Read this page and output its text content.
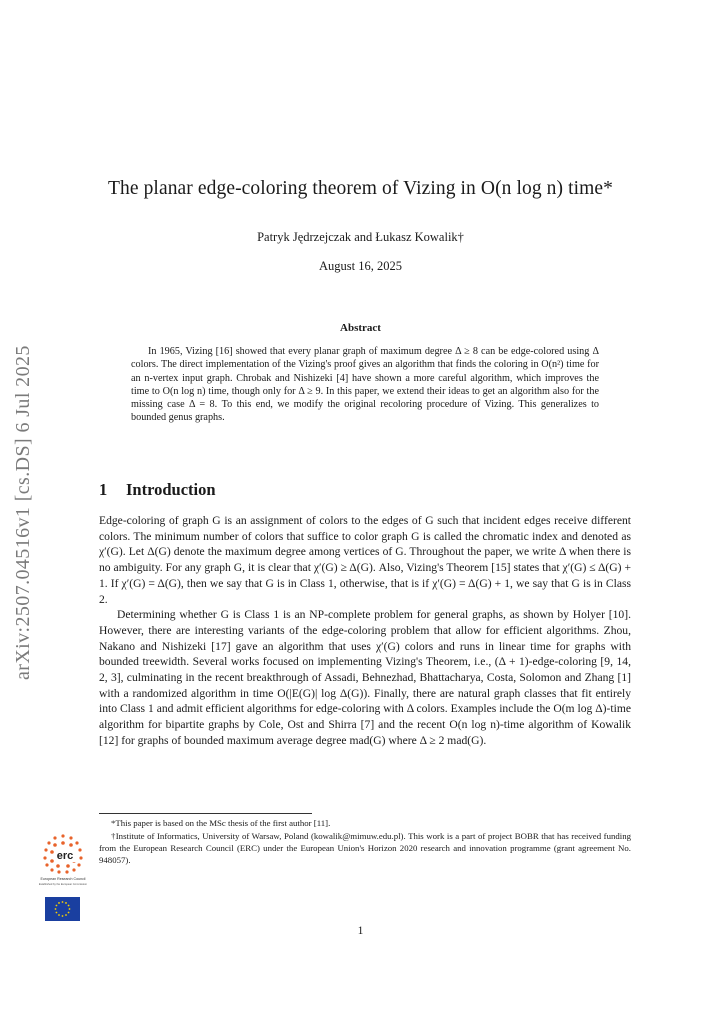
arXiv:2507.04516v1 [cs.DS] 6 Jul 2025
The planar edge-coloring theorem of Vizing in O(n log n) time*
Patryk Jędrzejczak and Łukasz Kowalik†
August 16, 2025
Abstract
In 1965, Vizing [16] showed that every planar graph of maximum degree Δ ≥ 8 can be edge-colored using Δ colors. The direct implementation of the Vizing's proof gives an algorithm that finds the coloring in O(n²) time for an n-vertex input graph. Chrobak and Nishizeki [4] have shown a more careful algorithm, which improves the time to O(n log n) time, though only for Δ ≥ 9. In this paper, we extend their ideas to get an algorithm also for the missing case Δ = 8. To this end, we modify the original recoloring procedure of Vizing. This generalizes to bounded genus graphs.
1 Introduction

Edge-coloring of graph G is an assignment of colors to the edges of G such that incident edges receive different colors. The minimum number of colors that suffice to color graph G is called the chromatic index and denoted as χ′(G). Let Δ(G) denote the maximum degree among vertices of G. Throughout the paper, we write Δ when there is no ambiguity. For any graph G, it is clear that χ′(G) ≥ Δ(G). Also, Vizing's Theorem [15] states that χ′(G) ≤ Δ(G) + 1. If χ′(G) = Δ(G), then we say that G is in Class 1, otherwise, that is if χ′(G) = Δ(G) + 1, we say that G is in Class 2.

Determining whether G is Class 1 is an NP-complete problem for general graphs, as shown by Holyer [10]. However, there are interesting variants of the edge-coloring problem that allow for efficient algorithms. Zhou, Nakano and Nishizeki [17] gave an algorithm that uses χ′(G) colors and runs in linear time for graphs with bounded treewidth. Several works focused on implementing Vizing's Theorem, i.e., (Δ + 1)-edge-coloring [9, 14, 2, 3], culminating in the recent breakthrough of Assadi, Behnezhad, Bhattacharya, Costa, Solomon and Zhang [1] with a randomized algorithm in time O(|E(G)| log Δ(G)). Finally, there are natural graph classes that fit entirely into Class 1 and admit efficient algorithms for edge-coloring with Δ colors. Examples include the O(m log Δ)-time algorithm for bipartite graphs by Cole, Ost and Shirra [7] and the recent O(n log n)-time algorithm of Kowalik [12] for graphs of bounded maximum average degree mad(G) where Δ ≥ 2 mad(G).

*This paper is based on the MSc thesis of the first author [11].

†Institute of Informatics, University of Warsaw, Poland (kowalik@mimuw.edu.pl). This work is a part of project BOBR that has received funding from the European Research Council (ERC) under the European Union's Horizon 2020 research and innovation programme (grant agreement No. 948057).

erc
European Research Council
Established by the European Commission
1
